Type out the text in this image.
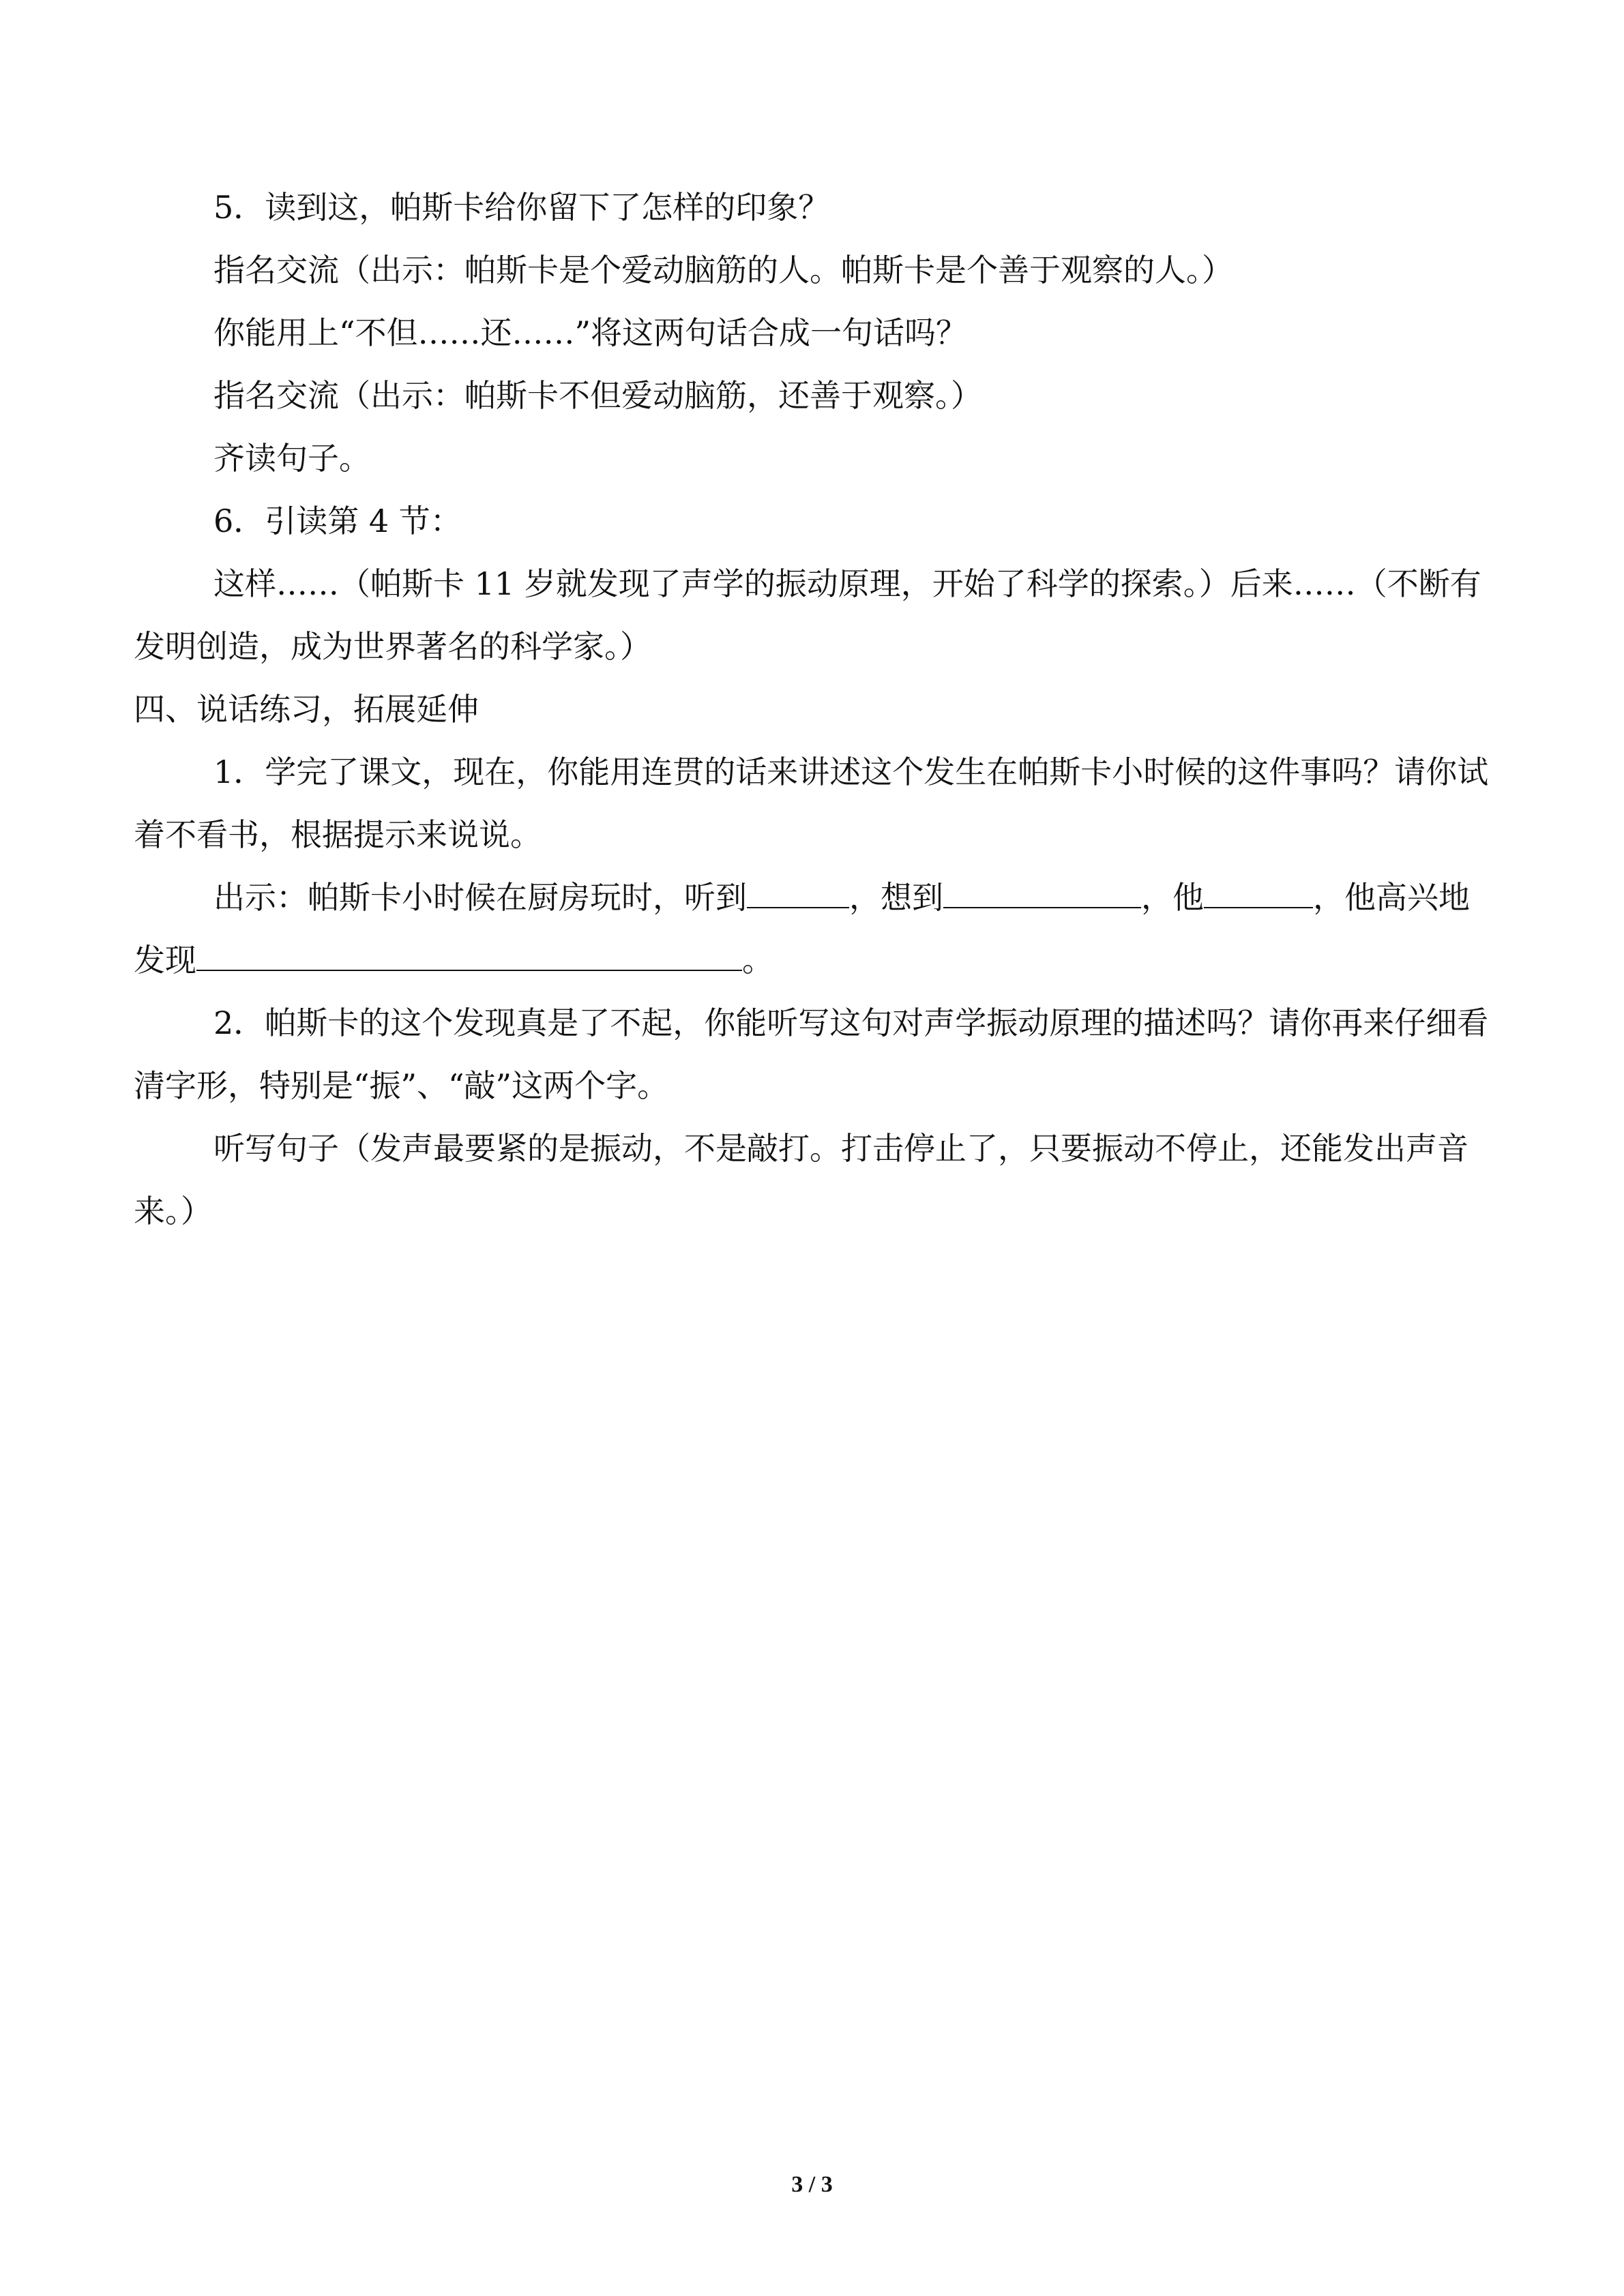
5．读到这，帕斯卡给你留下了怎样的印象？

指名交流（出示：帕斯卡是个爱动脑筋的人。帕斯卡是个善于观察的人。）

你能用上“不但……还……”将这两句话合成一句话吗？

指名交流（出示：帕斯卡不但爱动脑筋，还善于观察。）

齐读句子。

6．引读第 4 节：

这样……（帕斯卡 11 岁就发现了声学的振动原理，开始了科学的探索。）后来……（不断有发明创造，成为世界著名的科学家。）

四、说话练习，拓展延伸

1．学完了课文，现在，你能用连贯的话来讲述这个发生在帕斯卡小时候的这件事吗？请你试着不看书，根据提示来说说。

出示：帕斯卡小时候在厨房玩时，听到	，想到	，他	，他高兴地发现	。

2．帕斯卡的这个发现真是了不起，你能听写这句对声学振动原理的描述吗？请你再来仔细看清字形，特别是“振”、“敲”这两个字。

听写句子（发声最要紧的是振动，不是敲打。打击停止了，只要振动不停止，还能发出声音来。）

3 / 3
